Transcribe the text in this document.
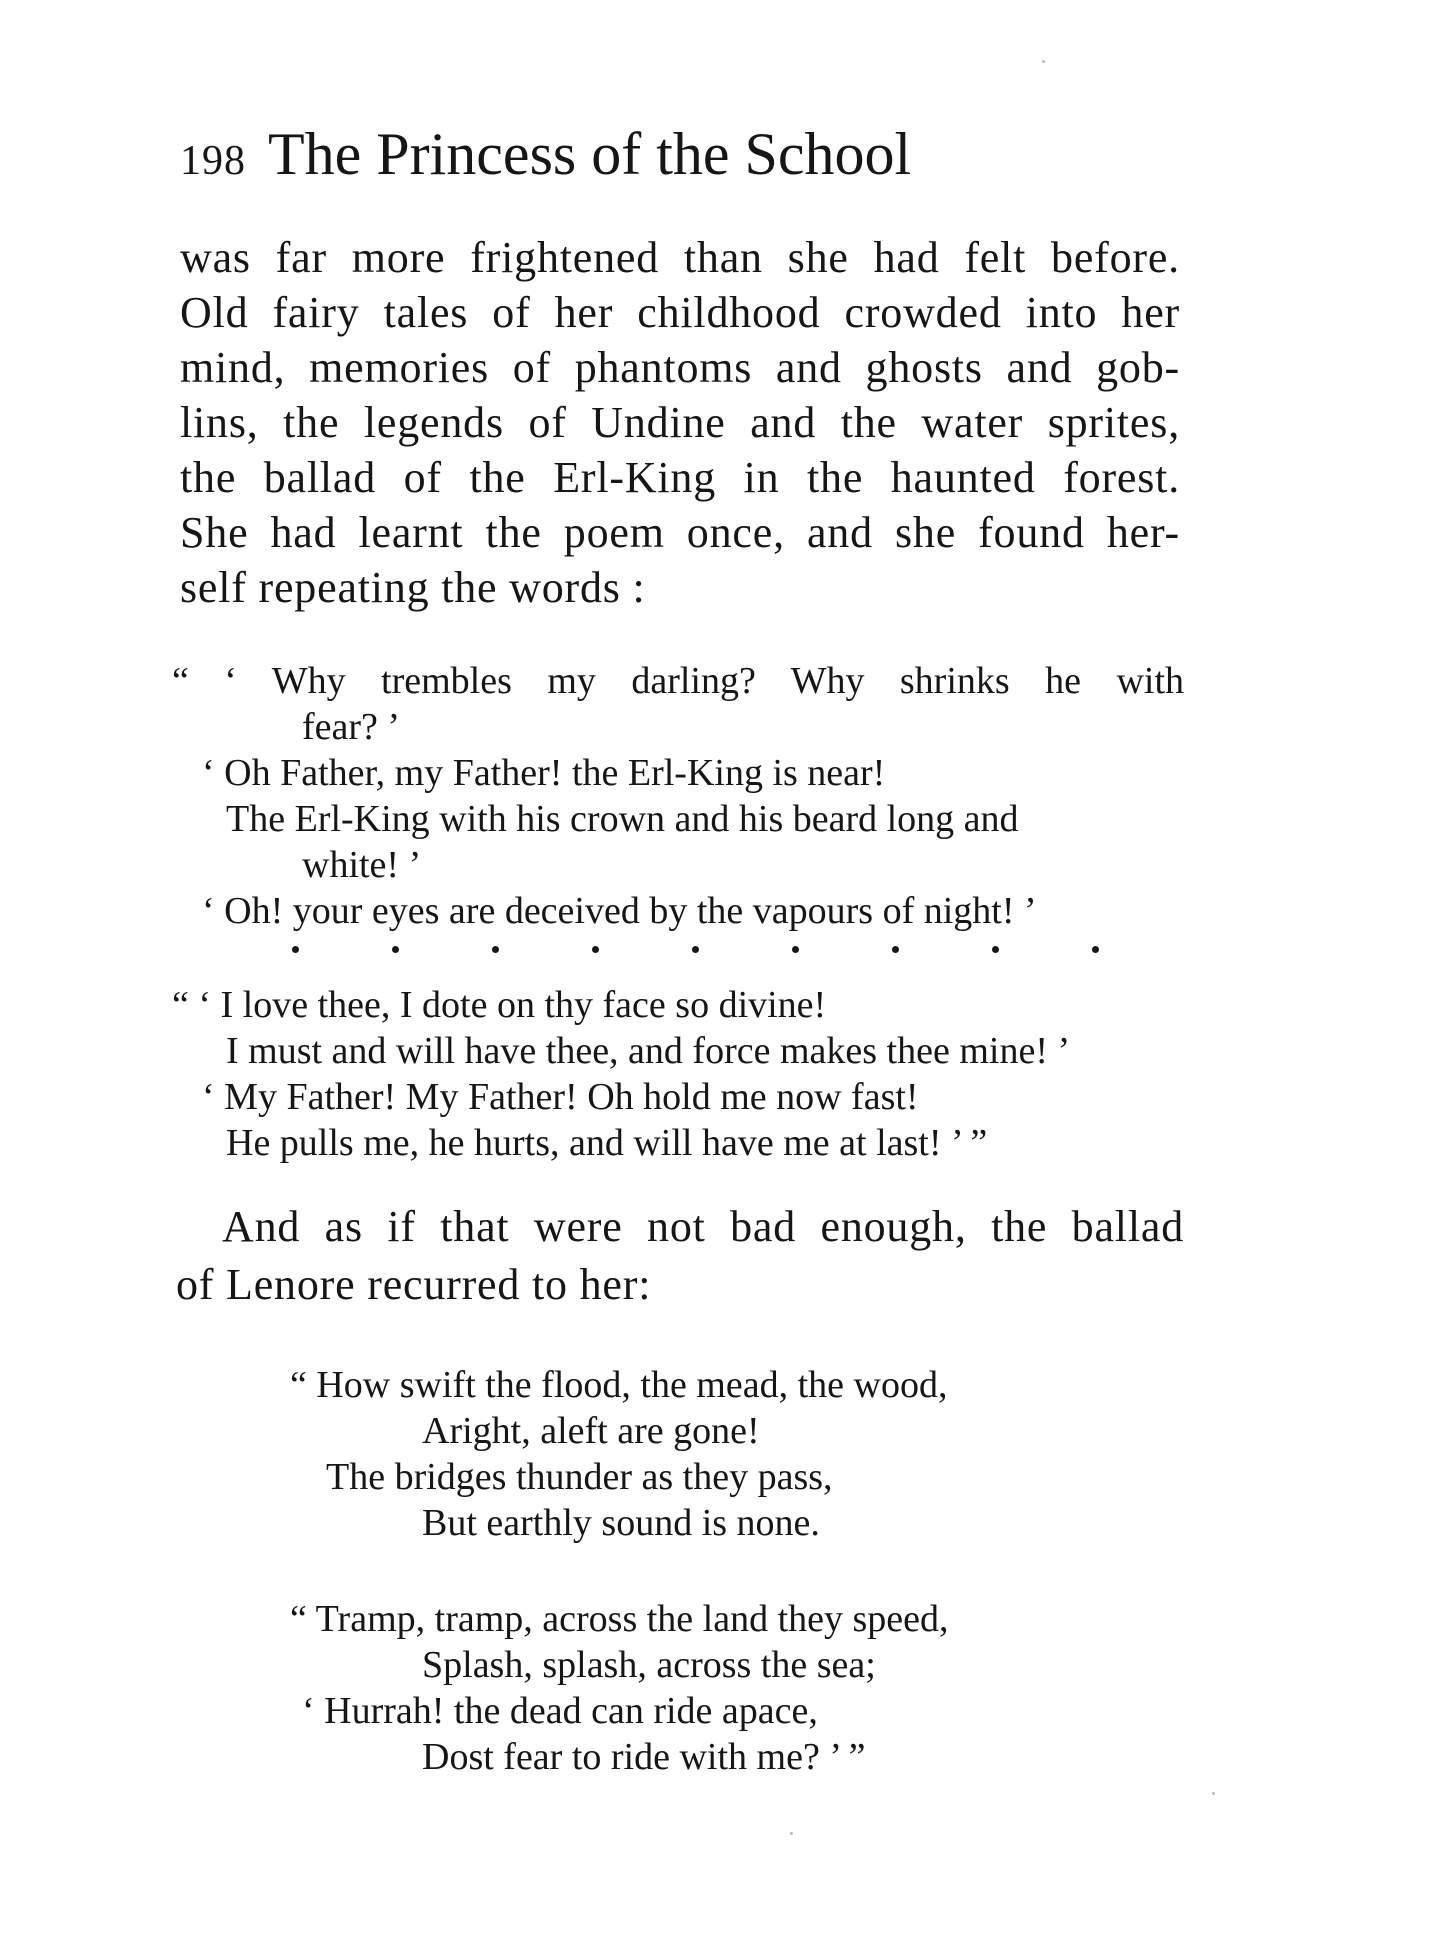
198 The Princess of the School
was far more frightened than she had felt before.
Old fairy tales of her childhood crowded into her
mind, memories of phantoms and ghosts and gob-
lins, the legends of Undine and the water sprites,
the ballad of the Erl-King in the haunted forest.
She had learnt the poem once, and she found her-
self repeating the words :
“ ‘ Why trembles my darling? Why shrinks he with
fear? ’
‘ Oh Father, my Father! the Erl-King is near!
The Erl-King with his crown and his beard long and
white! ’
‘ Oh! your eyes are deceived by the vapours of night! ’
“ ‘ I love thee, I dote on thy face so divine!
I must and will have thee, and force makes thee mine! ’
‘ My Father! My Father! Oh hold me now fast!
He pulls me, he hurts, and will have me at last! ’ ”
And as if that were not bad enough, the ballad
of Lenore recurred to her:
“ How swift the flood, the mead, the wood,
Aright, aleft are gone!
The bridges thunder as they pass,
But earthly sound is none.
“ Tramp, tramp, across the land they speed,
Splash, splash, across the sea;
‘ Hurrah! the dead can ride apace,
Dost fear to ride with me? ’ ”
